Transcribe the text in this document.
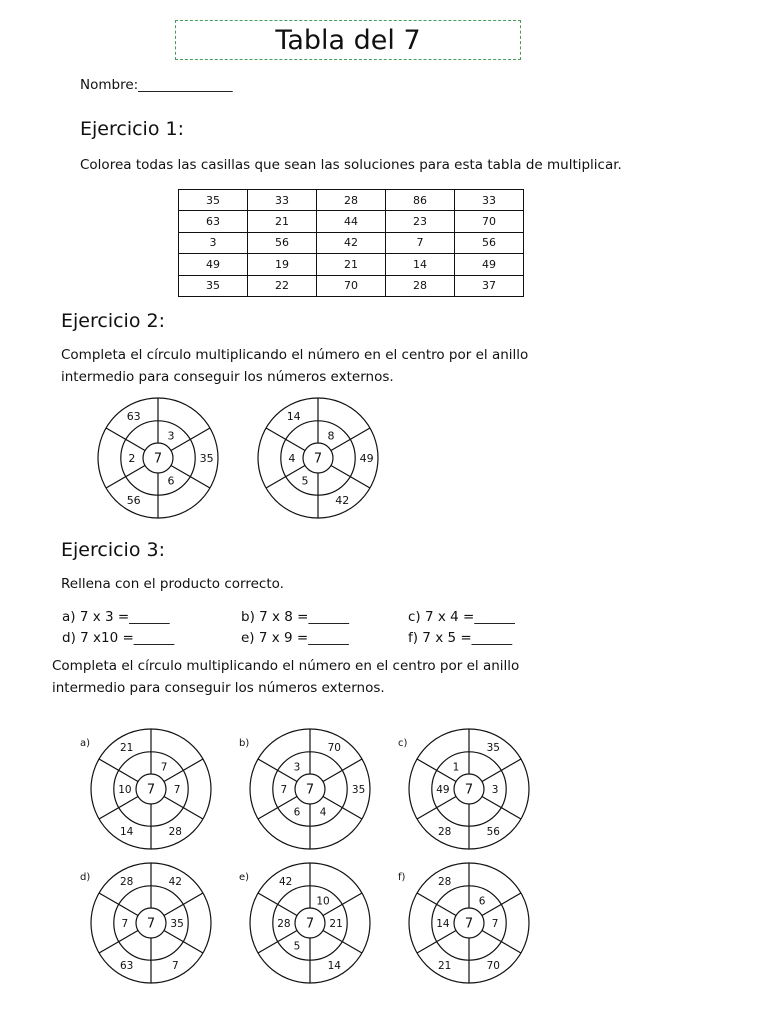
Tabla del 7
Nombre:______________
Ejercicio 1:
Colorea todas las casillas que sean las soluciones para esta tabla de multiplicar.
35	33	28	86	33
63	21	44	23	70
3	56	42	7	56
49	19	21	14	49
35	22	70	28	37
Ejercicio 2:
Completa el círculo multiplicando el número en el centro por el anillo
intermedio para conseguir los números externos.
Ejercicio 3:
Rellena con el producto correcto.
a) 7 x 3 =______	b) 7 x 8 =______	c) 7 x 4 =______
d) 7 x10 =______	e) 7 x 9 =______	f) 7 x 5 =______
Completa el círculo multiplicando el número en el centro por el anillo
intermedio para conseguir los números externos.
7
3
35
6
56
2
63
7
8
49
42
5
4
14
7
7
7
28
14
10
21
a)
7
70
35
4
6
7
3
b)
7
35
3
56
28
49
1
c)
7
42
35
7
63
7
28
d)
7
10
21
14
5
28
42
e)
7
6
7
70
21
14
28
f)
